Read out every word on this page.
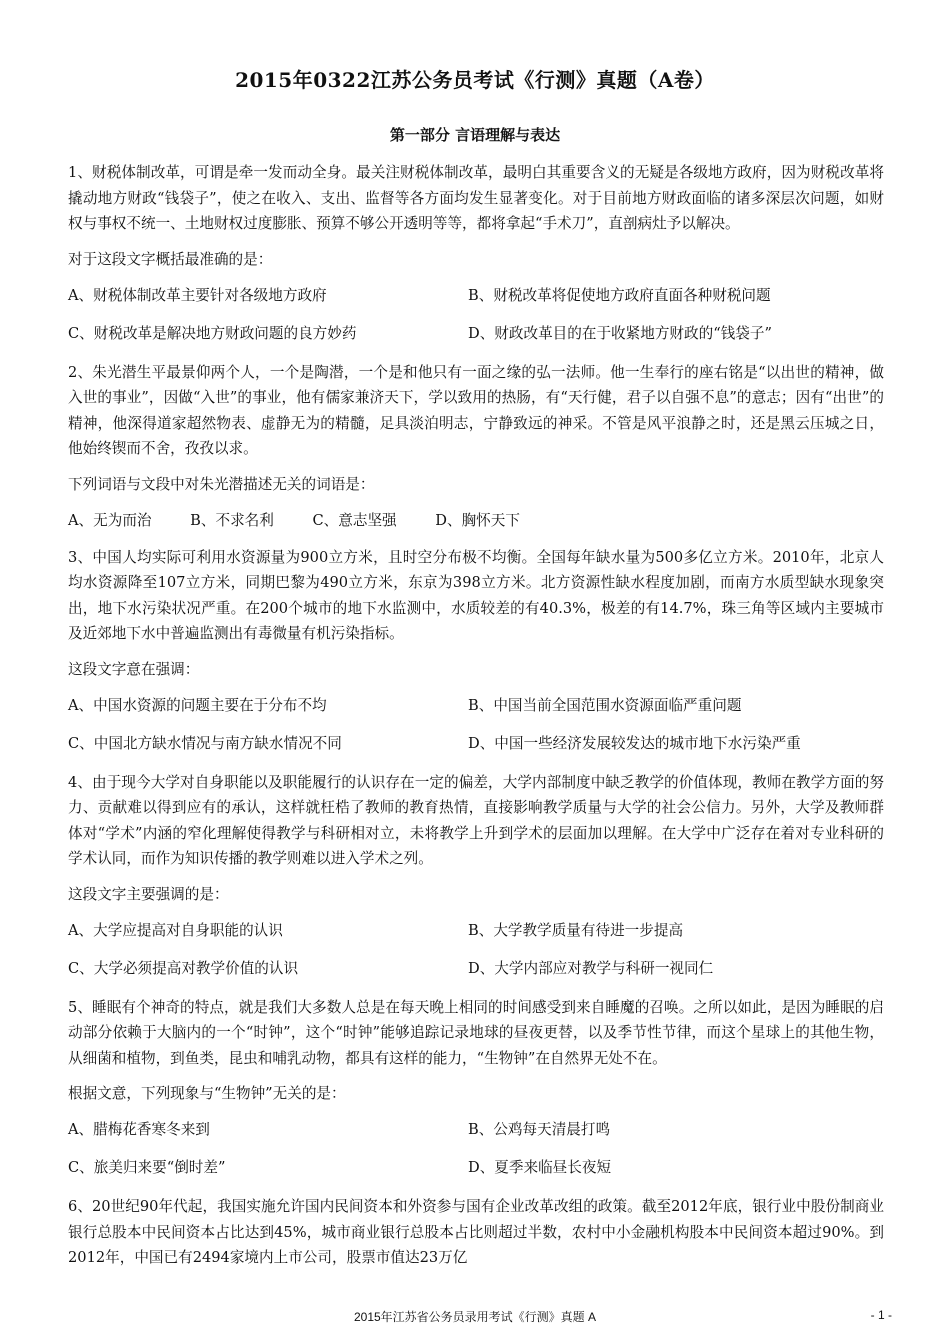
2015年0322江苏公务员考试《行测》真题（A卷）
第一部分 言语理解与表达

1、财税体制改革，可谓是牵一发而动全身。最关注财税体制改革，最明白其重要含义的无疑是各级地方政府，因为财税改革将撬动地方财政“钱袋子”，使之在收入、支出、监督等各方面均发生显著变化。对于目前地方财政面临的诸多深层次问题，如财权与事权不统一、土地财权过度膨胀、预算不够公开透明等等，都将拿起“手术刀”，直剖病灶予以解决。

对于这段文字概括最准确的是：

A、财税体制改革主要针对各级地方政府	B、财税改革将促使地方政府直面各种财税问题
C、财税改革是解决地方财政问题的良方妙药	D、财政改革目的在于收紧地方财政的“钱袋子”

2、朱光潜生平最景仰两个人，一个是陶潜，一个是和他只有一面之缘的弘一法师。他一生奉行的座右铭是“以出世的精神，做入世的事业”，因做“入世”的事业，他有儒家兼济天下，学以致用的热肠，有“天行健，君子以自强不息”的意志；因有“出世”的精神，他深得道家超然物表、虚静无为的精髓，足具淡泊明志，宁静致远的神采。不管是风平浪静之时，还是黑云压城之日，他始终锲而不舍，孜孜以求。

下列词语与文段中对朱光潜描述无关的词语是：

A、无为而治	B、不求名利	C、意志坚强	D、胸怀天下

3、中国人均实际可利用水资源量为900立方米，且时空分布极不均衡。全国每年缺水量为500多亿立方米。2010年，北京人均水资源降至107立方米，同期巴黎为490立方米，东京为398立方米。北方资源性缺水程度加剧，而南方水质型缺水现象突出，地下水污染状况严重。在200个城市的地下水监测中，水质较差的有40.3%，极差的有14.7%，珠三角等区域内主要城市及近郊地下水中普遍监测出有毒微量有机污染指标。

这段文字意在强调：

A、中国水资源的问题主要在于分布不均	B、中国当前全国范围水资源面临严重问题
C、中国北方缺水情况与南方缺水情况不同	D、中国一些经济发展较发达的城市地下水污染严重

4、由于现今大学对自身职能以及职能履行的认识存在一定的偏差，大学内部制度中缺乏教学的价值体现，教师在教学方面的努力、贡献难以得到应有的承认，这样就枉梏了教师的教育热情，直接影响教学质量与大学的社会公信力。另外，大学及教师群体对“学术”内涵的窄化理解使得教学与科研相对立，未将教学上升到学术的层面加以理解。在大学中广泛存在着对专业科研的学术认同，而作为知识传播的教学则难以进入学术之列。

这段文字主要强调的是：

A、大学应提高对自身职能的认识	B、大学教学质量有待进一步提高
C、大学必须提高对教学价值的认识	D、大学内部应对教学与科研一视同仁

5、睡眠有个神奇的特点，就是我们大多数人总是在每天晚上相同的时间感受到来自睡魔的召唤。之所以如此，是因为睡眠的启动部分依赖于大脑内的一个“时钟”，这个“时钟”能够追踪记录地球的昼夜更替，以及季节性节律，而这个星球上的其他生物，从细菌和植物，到鱼类，昆虫和哺乳动物，都具有这样的能力，“生物钟”在自然界无处不在。

根据文意，下列现象与“生物钟”无关的是：

A、腊梅花香寒冬来到	B、公鸡每天清晨打鸣
C、旅美归来要“倒时差”	D、夏季来临昼长夜短

6、20世纪90年代起，我国实施允许国内民间资本和外资参与国有企业改革改组的政策。截至2012年底，银行业中股份制商业银行总股本中民间资本占比达到45%，城市商业银行总股本占比则超过半数，农村中小金融机构股本中民间资本超过90%。到2012年，中国已有2494家境内上市公司，股票市值达23万亿

2015年江苏省公务员录用考试《行测》真题 A	- 1 -
